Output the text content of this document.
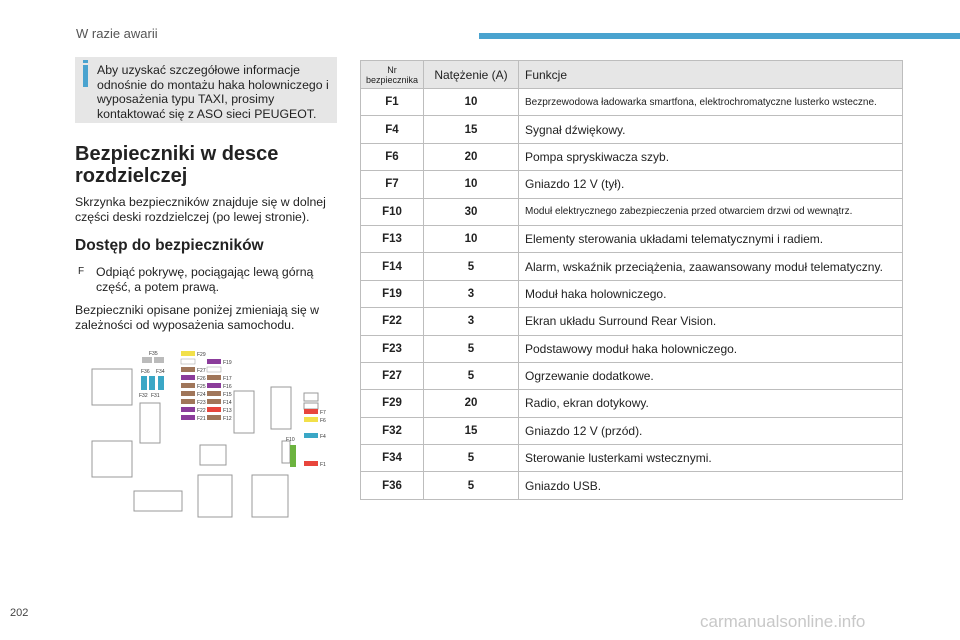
W razie awarii
Aby uzyskać szczegółowe informacje odnośnie do montażu haka holowniczego i wyposażenia typu TAXI, prosimy kontaktować się z ASO sieci PEUGEOT.
Bezpieczniki w desce
rozdzielczej
Skrzynka bezpieczników znajduje się w dolnej części deski rozdzielczej (po lewej stronie).
Dostęp do bezpieczników
F Odpiąć pokrywę, pociągając lewą górną część, a potem prawą.
Bezpieczniki opisane poniżej zmieniają się w zależności od wyposażenia samochodu.
F35
F36 F34
F32 F31
F29
F19
F27
F26	F17
F25	F16
F24	F15
F23	F14
F22	F13
F21	F12
F7
F6
F4
F10
F1
Nr bezpiecznika	Natężenie (A)	Funkcje
F1	10	Bezprzewodowa ładowarka smartfona, elektrochromatyczne lusterko wsteczne.
F4	15	Sygnał dźwiękowy.
F6	20	Pompa spryskiwacza szyb.
F7	10	Gniazdo 12 V (tył).
F10	30	Moduł elektrycznego zabezpieczenia przed otwarciem drzwi od wewnątrz.
F13	10	Elementy sterowania układami telematycznymi i radiem.
F14	5	Alarm, wskaźnik przeciążenia, zaawansowany moduł telematyczny.
F19	3	Moduł haka holowniczego.
F22	3	Ekran układu Surround Rear Vision.
F23	5	Podstawowy moduł haka holowniczego.
F27	5	Ogrzewanie dodatkowe.
F29	20	Radio, ekran dotykowy.
F32	15	Gniazdo 12 V (przód).
F34	5	Sterowanie lusterkami wstecznymi.
F36	5	Gniazdo USB.
202	carmanualsonline.info
